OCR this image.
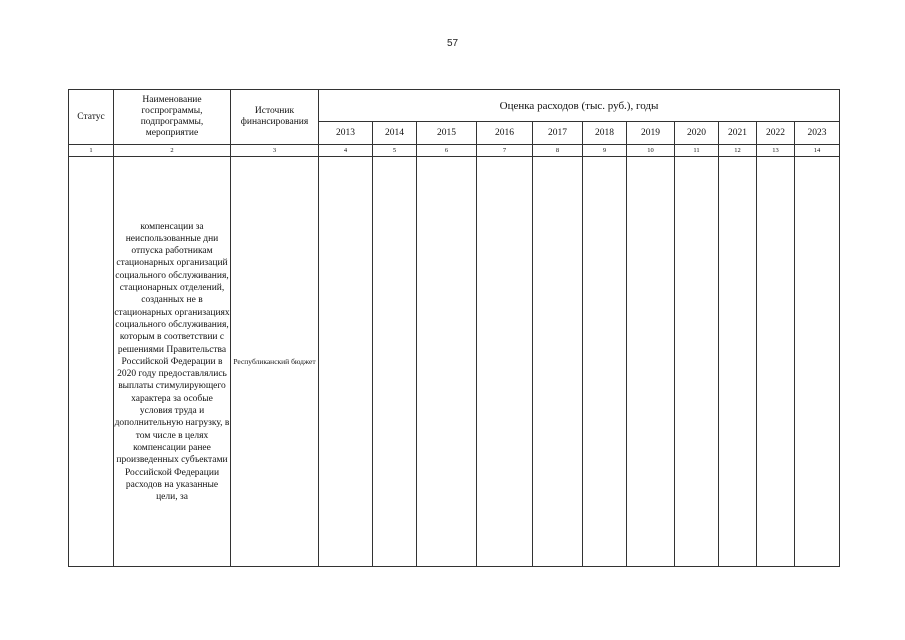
57
Статус	Наименование госпрограммы, подпрограммы, мероприятие	Источник финансирования	Оценка расходов (тыс. руб.), годы										
			2013	2014	2015	2016	2017	2018	2019	2020	2021	2022	2023
1	2	3	4	5	6	7	8	9	10	11	12	13	14
	компенсации за неиспользованные дни отпуска работникам стационарных организаций социального обслуживания, стационарных отделений, созданных не в стационарных организациях социального обслуживания, которым в соответствии с решениями Правительства Российской Федерации в 2020 году предоставлялись выплаты стимулирующего характера за особые условия труда и дополнительную нагрузку, в том числе в целях компенсации ранее произведенных субъектами Российской Федерации расходов на указанные цели, за	Республиканский бюджет											
